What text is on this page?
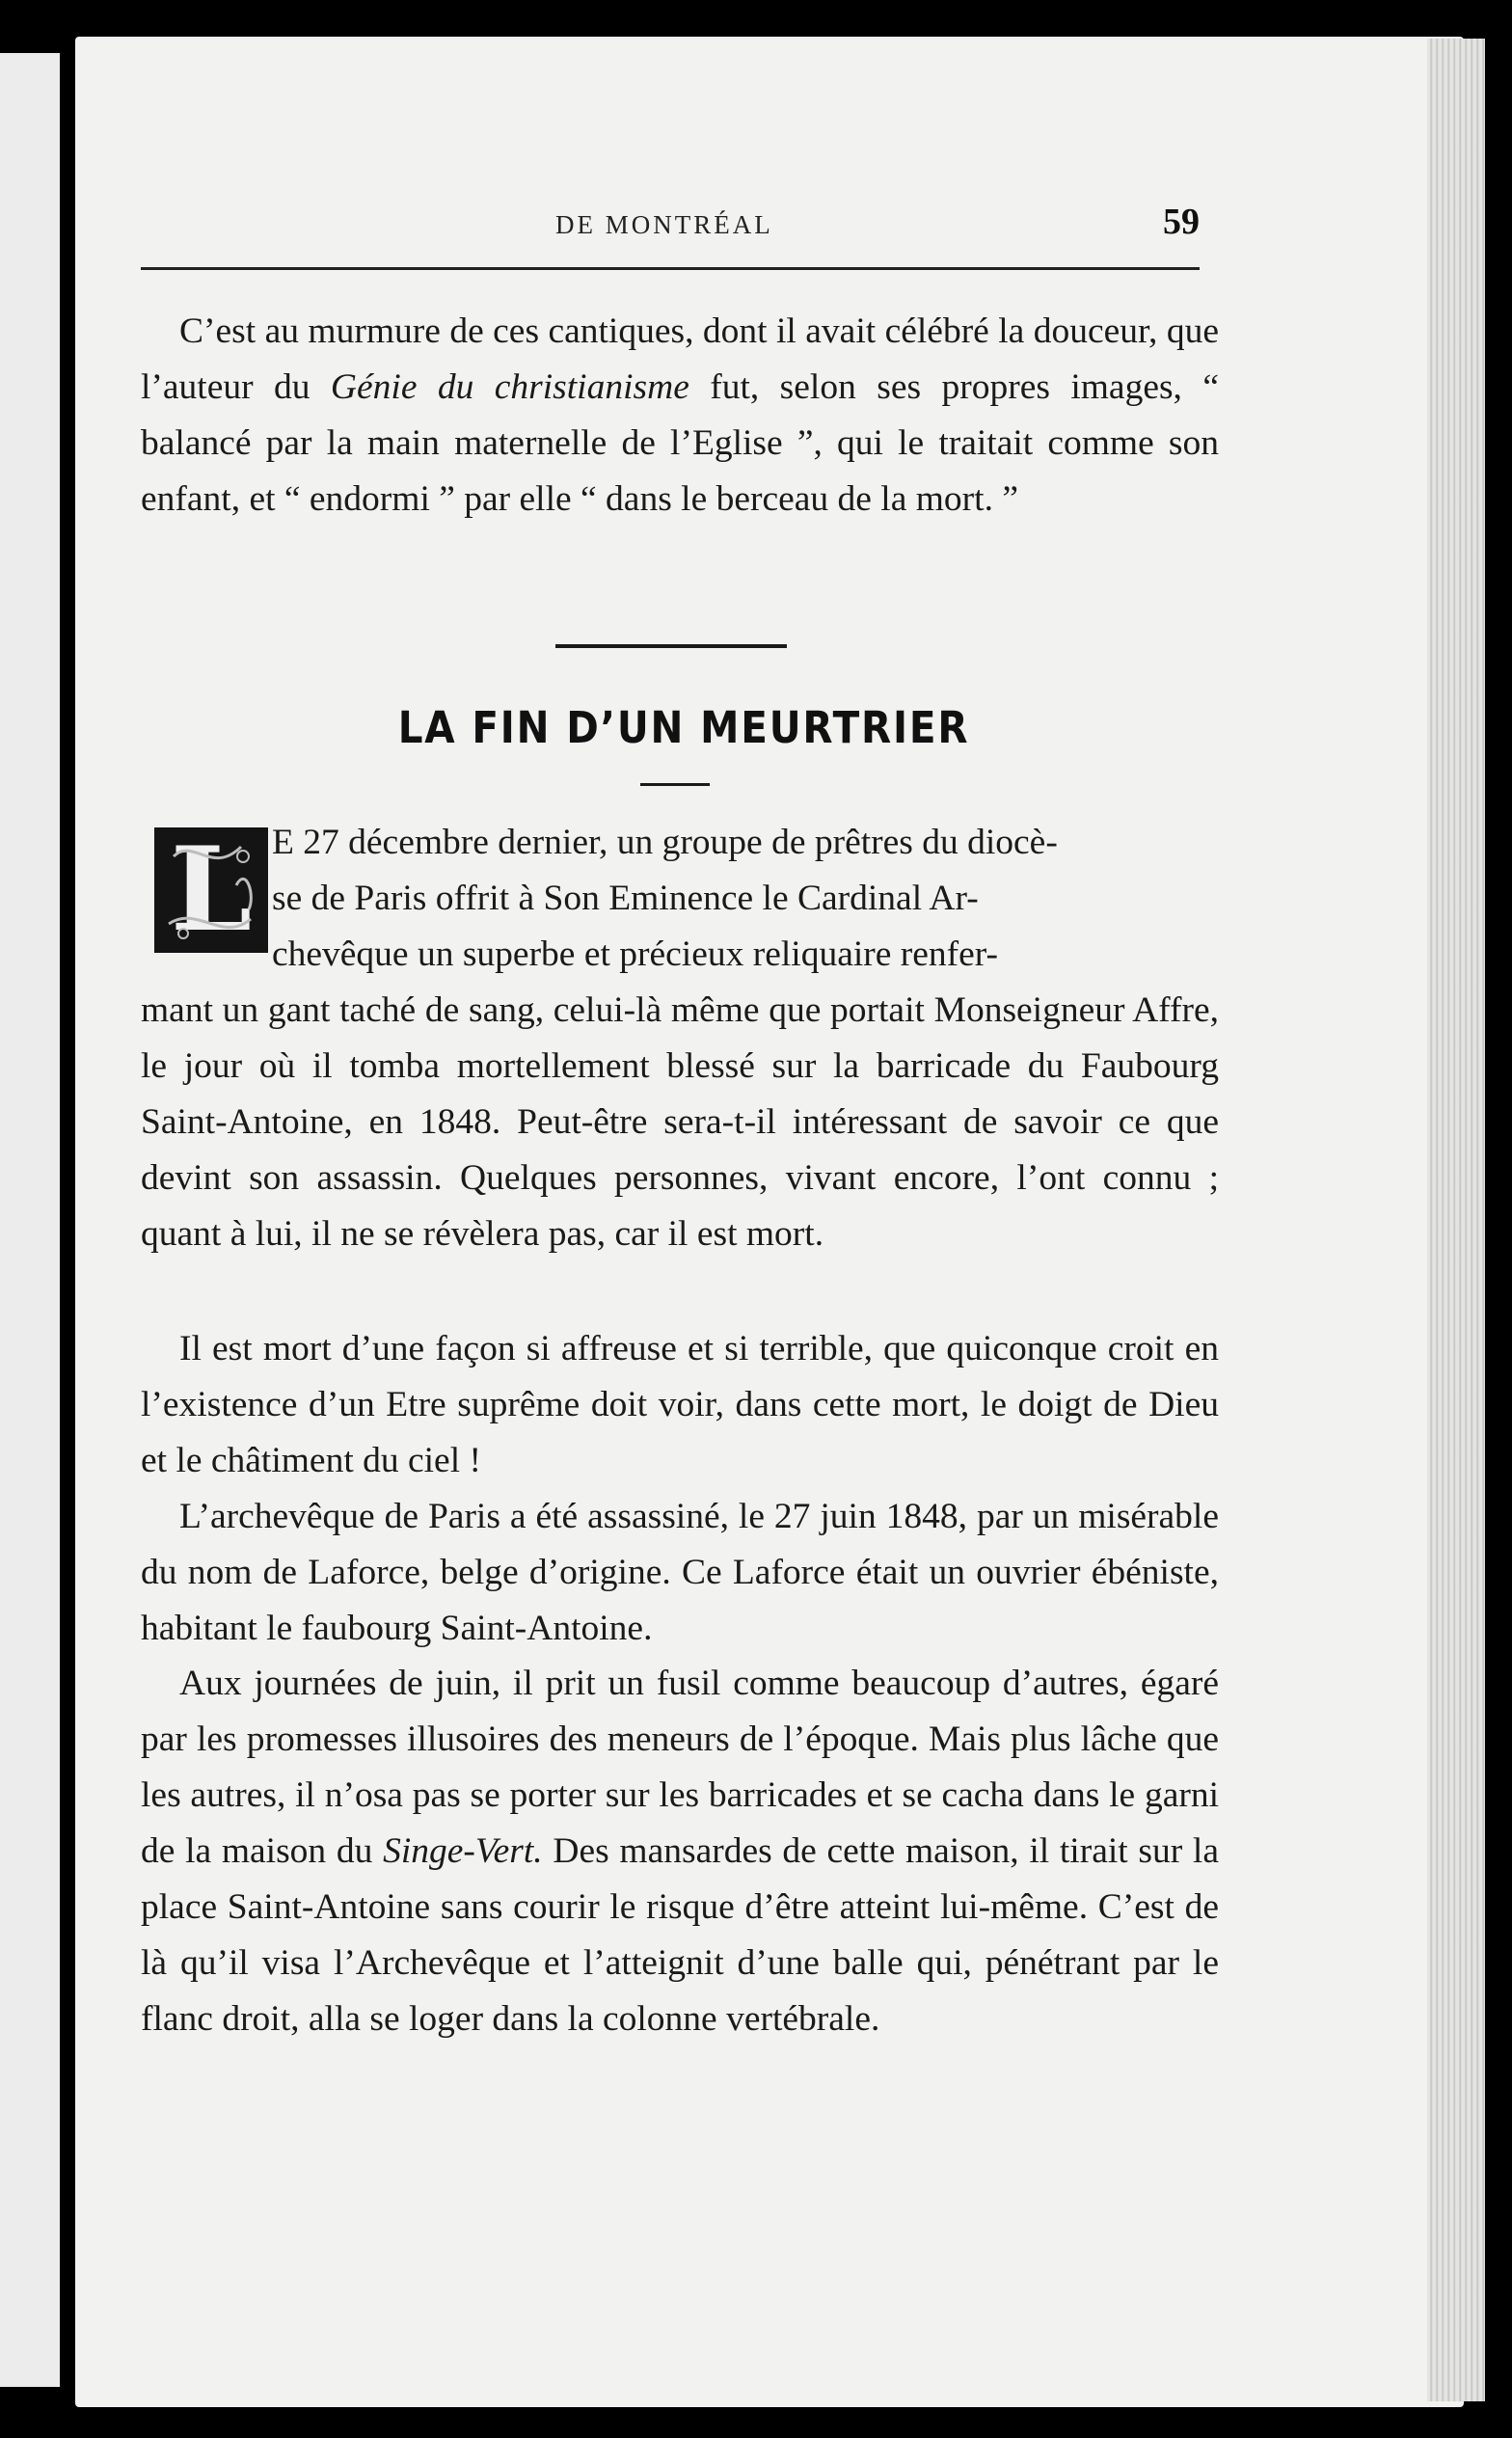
DE MONTRÉAL	59

C’est au murmure de ces cantiques, dont il avait célébré la douceur, que l’auteur du Génie du christianisme fut, selon ses propres images, “ balancé par la main maternelle de l’Eglise ”, qui le traitait comme son enfant, et “ endormi ” par elle “ dans le berceau de la mort. ”

LA FIN D’UN MEURTRIER
L E 27 décembre dernier, un groupe de prêtres du diocè-
se de Paris offrit à Son Eminence le Cardinal Ar-
chevêque un superbe et précieux reliquaire renfer-
mant un gant taché de sang, celui-là même que portait Monseigneur Affre, le jour où il tomba mortellement blessé sur la barricade du Faubourg Saint-Antoine, en 1848. Peut-être sera-t-il intéressant de savoir ce que devint son assassin. Quelques personnes, vivant encore, l’ont connu ; quant à lui, il ne se révèlera pas, car il est mort.

Il est mort d’une façon si affreuse et si terrible, que quiconque croit en l’existence d’un Etre suprême doit voir, dans cette mort, le doigt de Dieu et le châtiment du ciel !

L’archevêque de Paris a été assassiné, le 27 juin 1848, par un misérable du nom de Laforce, belge d’origine. Ce Laforce était un ouvrier ébéniste, habitant le faubourg Saint-Antoine.

Aux journées de juin, il prit un fusil comme beaucoup d’autres, égaré par les promesses illusoires des meneurs de l’époque. Mais plus lâche que les autres, il n’osa pas se porter sur les barricades et se cacha dans le garni de la maison du Singe-Vert. Des mansardes de cette maison, il tirait sur la place Saint-Antoine sans courir le risque d’être atteint lui-même. C’est de là qu’il visa l’Archevêque et l’atteignit d’une balle qui, pénétrant par le flanc droit, alla se loger dans la colonne vertébrale.
